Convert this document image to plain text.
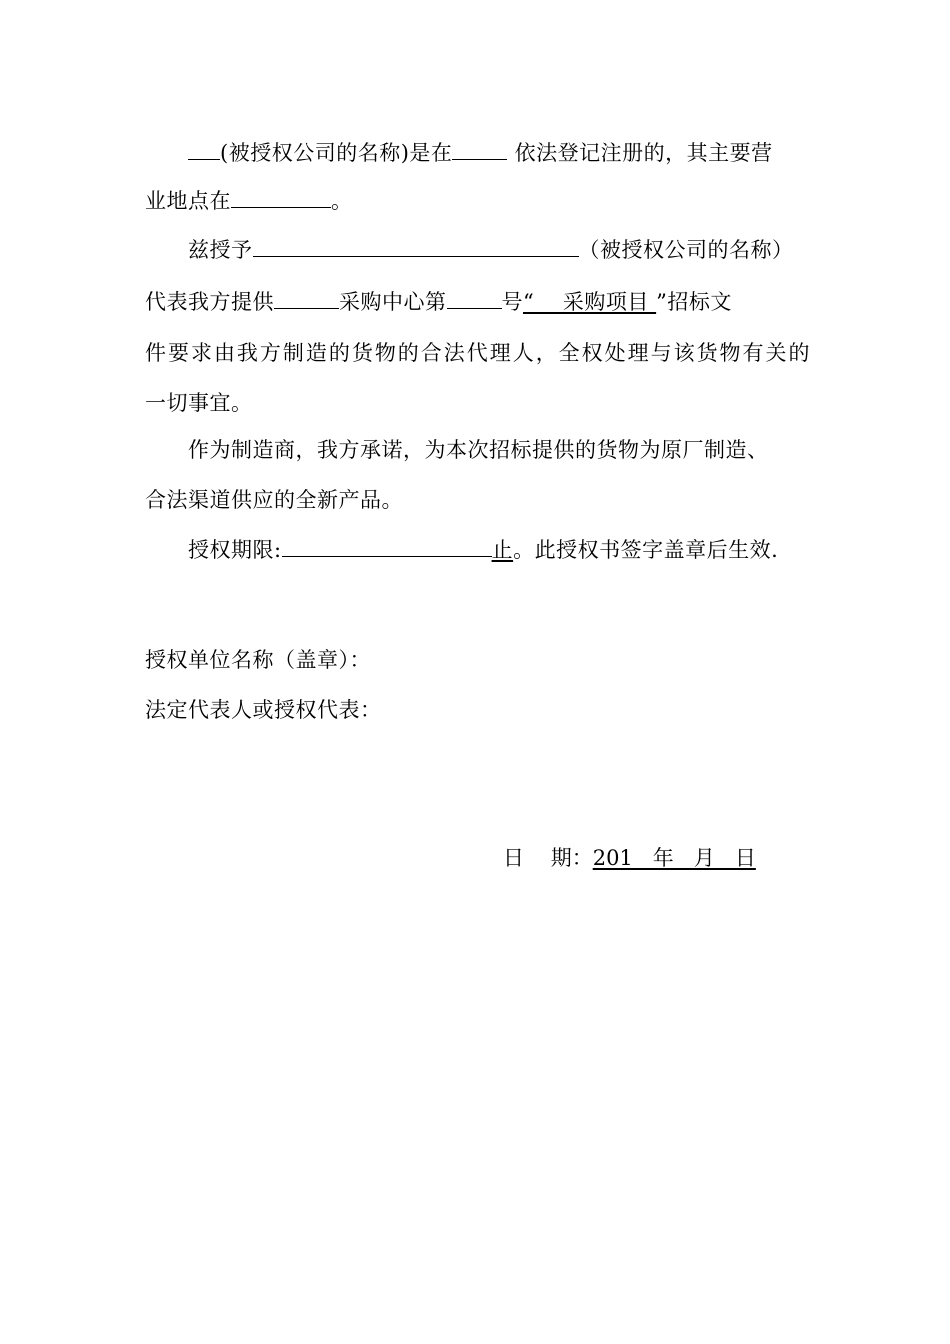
(被授权公司的名称)是在	依法登记注册的，其主要营
业地点在	。
兹授予	（被授权公司的名称）
代表我方提供	采购中心第	号“    采购项目 ”招标文
件要求由我方制造的货物的合法代理人，全权处理与该货物有关的
一切事宜。
作为制造商，我方承诺，为本次招标提供的货物为原厂制造、
合法渠道供应的全新产品。
授权期限:	止。此授权书签字盖章后生效.
授权单位名称（盖章）：
法定代表人或授权代表：
日    期：201   年   月   日
